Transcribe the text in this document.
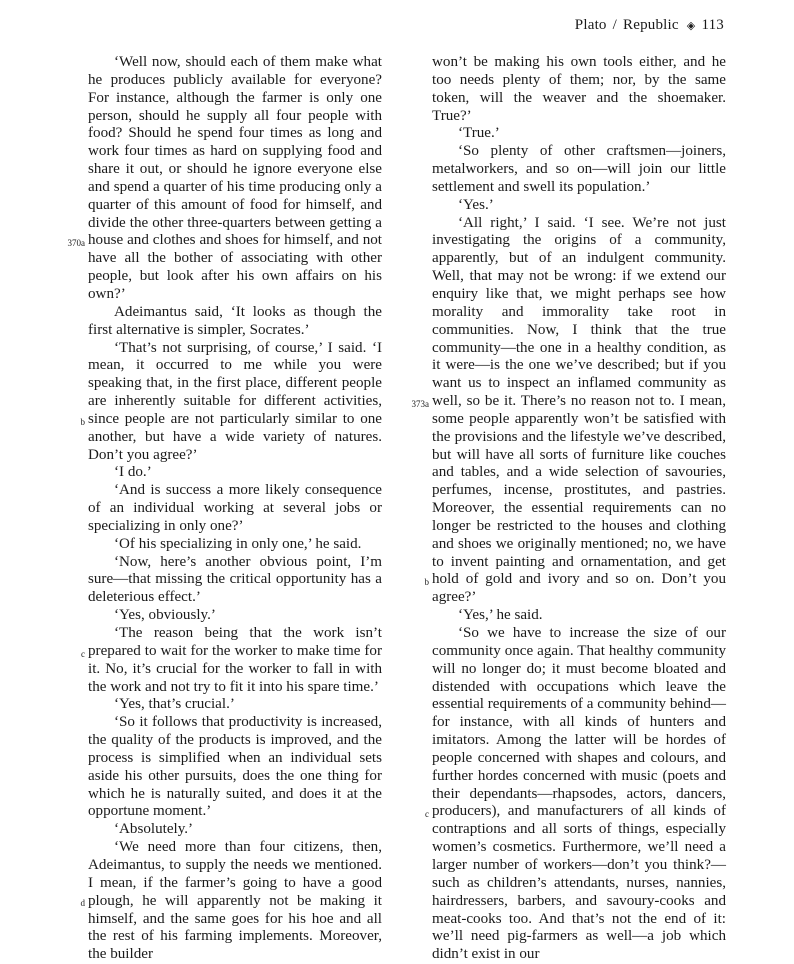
Plato / Republic ◈ 113

‘Well now, should each of them make what he produces publicly available for everyone? For instance, although the farmer is only one person, should he supply all four people with food? Should he spend four times as long and work four times as hard on supplying food and share it out, or should he ignore everyone else and spend a quarter of his time producing only a quarter of this amount of food for himself, and divide the other three-quarters between getting a house and clothes and shoes for himself, and not have all the bother of associating with other people, but look after his own affairs on his own?’

Adeimantus said, ‘It looks as though the first alternative is simpler, Socrates.’

‘That’s not surprising, of course,’ I said. ‘I mean, it occurred to me while you were speaking that, in the first place, different people are inherently suitable for different activities, since people are not particularly similar to one another, but have a wide variety of natures. Don’t you agree?’

‘I do.’

‘And is success a more likely consequence of an individual working at several jobs or specializing in only one?’

‘Of his specializing in only one,’ he said.

‘Now, here’s another obvious point, I’m sure—that missing the critical opportunity has a deleterious effect.’

‘Yes, obviously.’

‘The reason being that the work isn’t prepared to wait for the worker to make time for it. No, it’s crucial for the worker to fall in with the work and not try to fit it into his spare time.’

‘Yes, that’s crucial.’

‘So it follows that productivity is increased, the quality of the products is improved, and the process is simplified when an individual sets aside his other pursuits, does the one thing for which he is naturally suited, and does it at the opportune moment.’

‘Absolutely.’

‘We need more than four citizens, then, Adeimantus, to supply the needs we mentioned. I mean, if the farmer’s going to have a good plough, he will apparently not be making it himself, and the same goes for his hoe and all the rest of his farming implements. Moreover, the builder

370a
b
c
d

won’t be making his own tools either, and he too needs plenty of them; nor, by the same token, will the weaver and the shoemaker. True?’

‘True.’

‘So plenty of other craftsmen—joiners, metalworkers, and so on—will join our little settlement and swell its population.’

‘Yes.’

‘All right,’ I said. ‘I see. We’re not just investigating the origins of a community, apparently, but of an indulgent community. Well, that may not be wrong: if we extend our enquiry like that, we might perhaps see how morality and immorality take root in communities. Now, I think that the true community—the one in a healthy condition, as it were—is the one we’ve described; but if you want us to inspect an inflamed community as well, so be it. There’s no reason not to. I mean, some people apparently won’t be satisfied with the provisions and the lifestyle we’ve described, but will have all sorts of furniture like couches and tables, and a wide selection of savouries, perfumes, incense, prostitutes, and pastries. Moreover, the essential requirements can no longer be restricted to the houses and clothing and shoes we originally mentioned; no, we have to invent painting and ornamentation, and get hold of gold and ivory and so on. Don’t you agree?’

‘Yes,’ he said.

‘So we have to increase the size of our community once again. That healthy community will no longer do; it must become bloated and distended with occupations which leave the essential requirements of a community behind—for instance, with all kinds of hunters and imitators. Among the latter will be hordes of people concerned with shapes and colours, and further hordes concerned with music (poets and their dependants—rhapsodes, actors, dancers, producers), and manufacturers of all kinds of contraptions and all sorts of things, especially women’s cosmetics. Furthermore, we’ll need a larger number of workers—don’t you think?—such as children’s attendants, nurses, nannies, hairdressers, barbers, and savoury-cooks and meat-cooks too. And that’s not the end of it: we’ll need pig-farmers as well—a job which didn’t exist in our

373a
b
c
